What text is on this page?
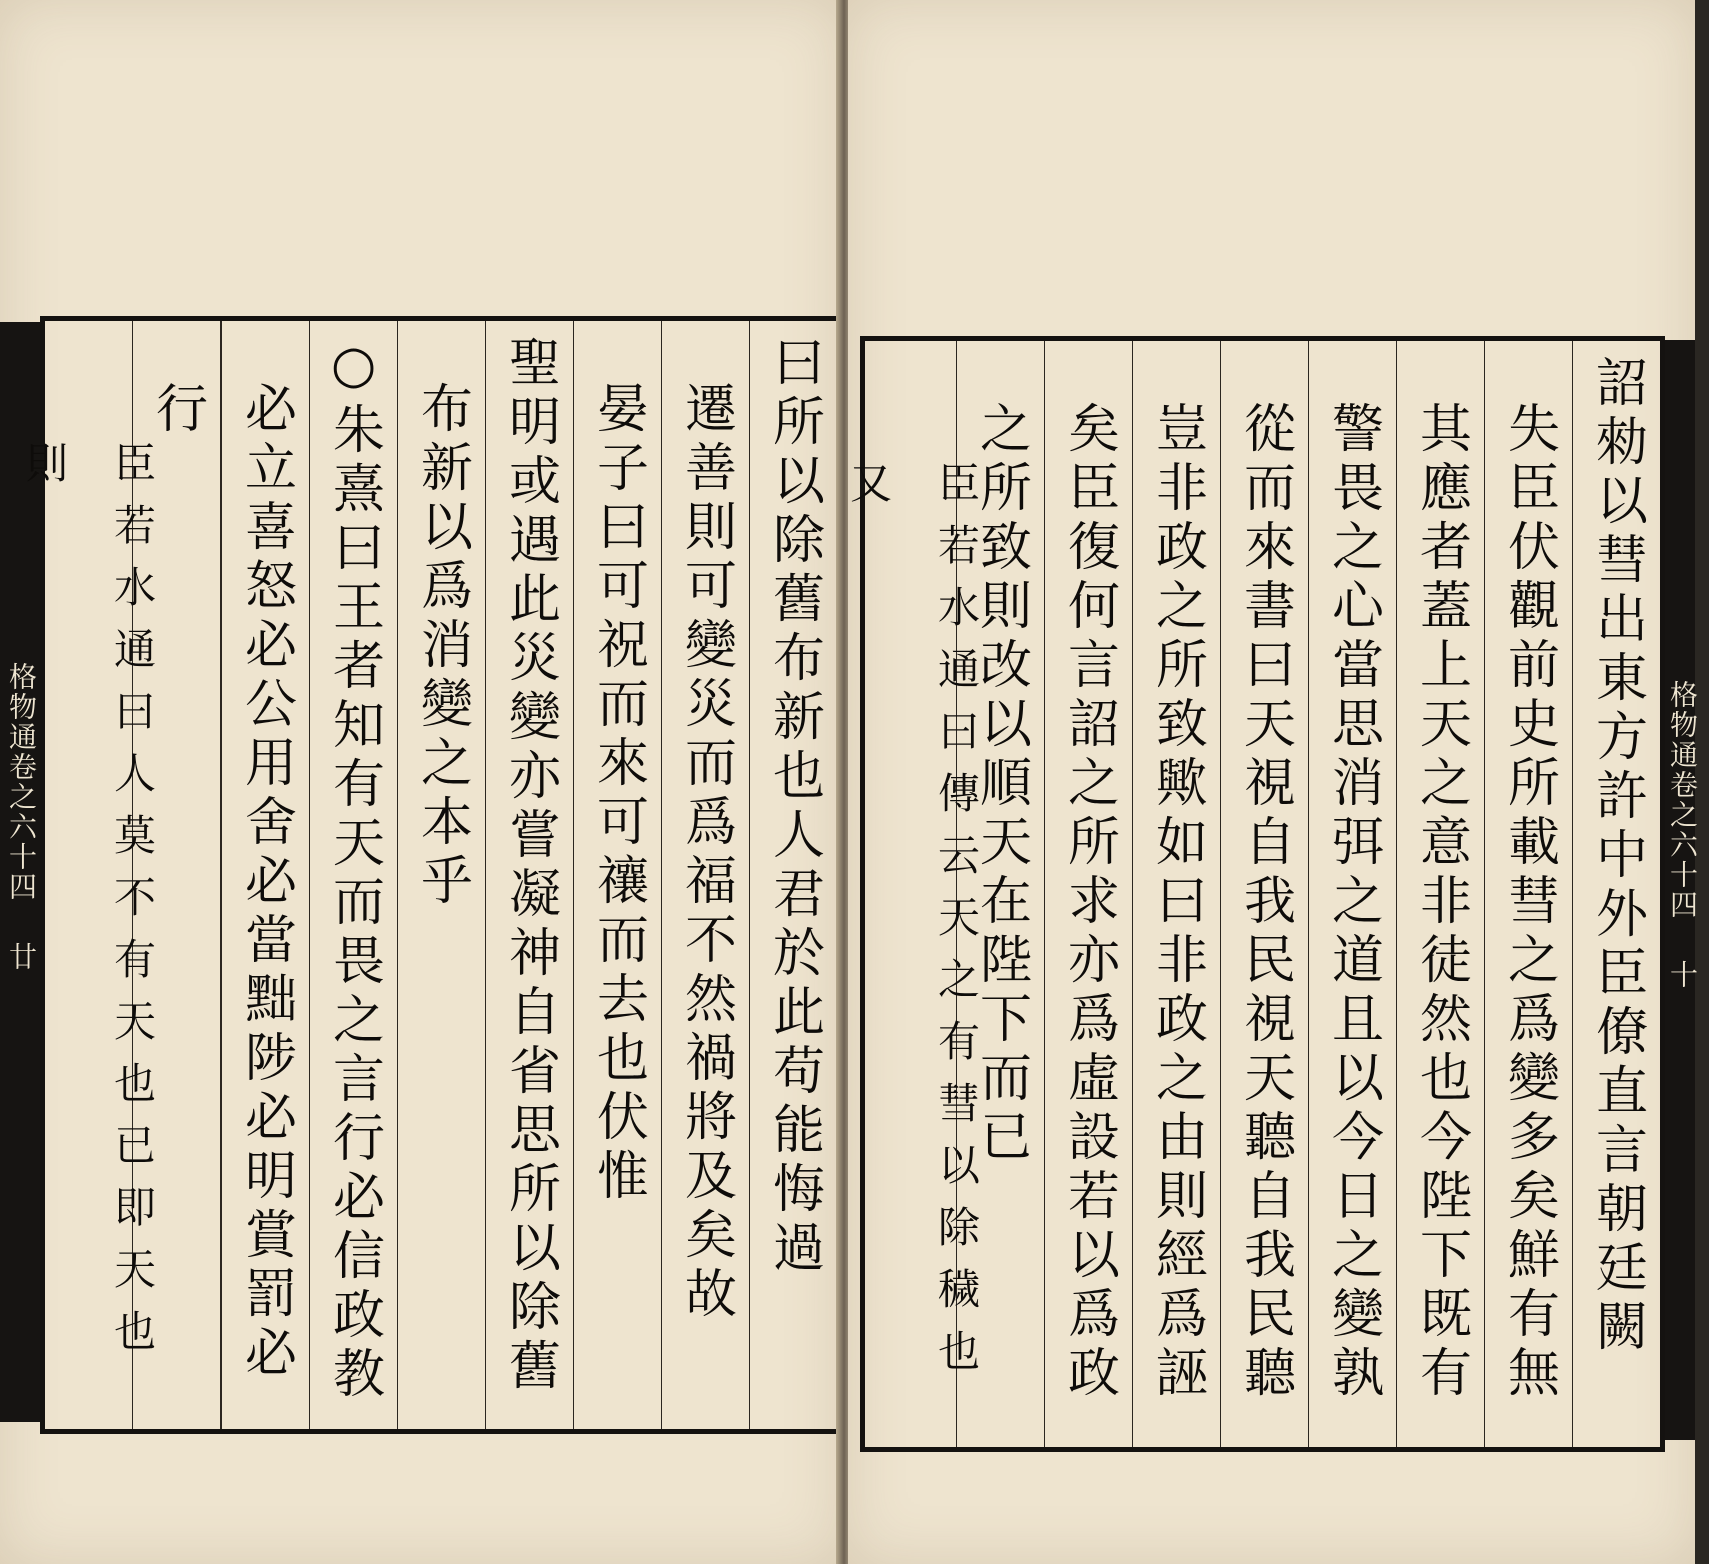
格物通卷之六十四
廿	曰所以除舊布新也人君於此苟能悔過
遷善則可變災而爲福不然禍將及矣故
晏子曰可祝而來可禳而去也伏惟
聖明或遇此災變亦嘗凝神自省思所以除舊
布新以爲消變之本乎
○朱熹曰王者知有天而畏之言行必信政教
必立喜怒必公用舍必當黜陟必明賞罰必
行
臣若水通曰人莫不有天也已即天也則	詔勑以彗出東方許中外臣僚直言朝廷闕
失臣伏觀前史所載彗之爲變多矣鮮有無
其應者蓋上天之意非徒然也今陛下既有
警畏之心當思消弭之道且以今日之變孰
從而來書曰天視自我民視天聽自我民聽
豈非政之所致歟如曰非政之由則經爲誣
矣臣復何言詔之所求亦爲虛設若以爲政
之所致則改以順天在陛下而已
臣若水通曰傳云天之有彗以除穢也又
格物通卷之六十四
十
